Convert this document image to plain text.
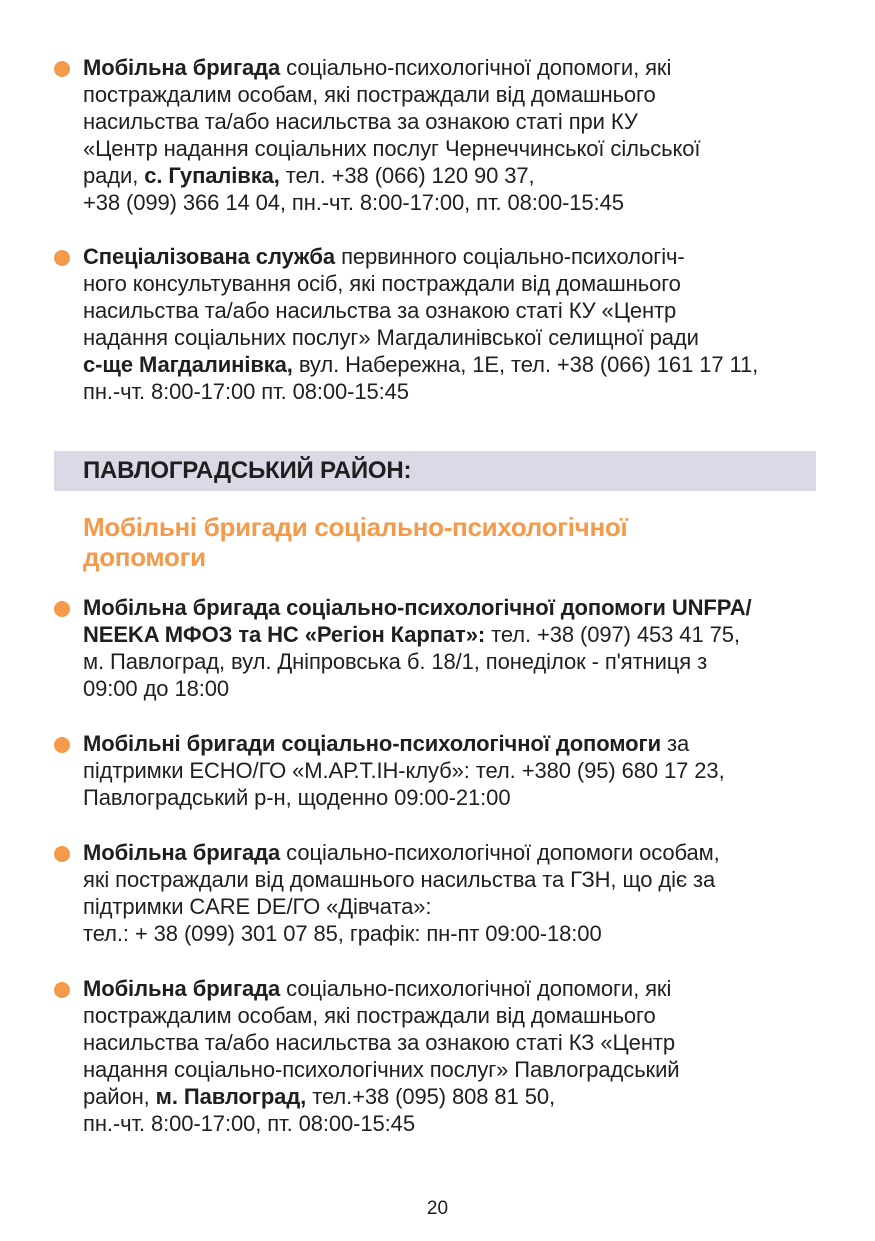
Мобільна бригада соціально-психологічної допомоги, які
постраждалим особам, які постраждали від домашнього
насильства та/або насильства за ознакою статі при КУ
«Центр надання соціальних послуг Чернеччинської сільської
ради, с. Гупалівка, тел. +38 (066) 120 90 37,
+38 (099) 366 14 04, пн.-чт. 8:00-17:00, пт. 08:00-15:45
Спеціалізована служба первинного соціально-психологіч-
ного консультування осіб, які постраждали від домашнього
насильства та/або насильства за ознакою статі КУ «Центр
надання соціальних послуг» Магдалинівської селищної ради
с-ще Магдалинівка, вул. Набережна, 1Е, тел. +38 (066) 161 17 11,
пн.-чт. 8:00-17:00 пт. 08:00-15:45
ПАВЛОГРАДСЬКИЙ РАЙОН:
Мобільні бригади соціально-психологічної
допомоги
Мобільна бригада соціально-психологічної допомоги UNFPA/
NEEKA МФОЗ та НС «Регіон Карпат»: тел. +38 (097) 453 41 75,
м. Павлоград, вул. Дніпровська б. 18/1, понеділок - п'ятниця з
09:00 до 18:00
Мобільні бригади соціально-психологічної допомоги за
підтримки ECHO/ГО «М.АР.Т.ІН-клуб»: тел. +380 (95) 680 17 23,
Павлоградський р-н, щоденно 09:00-21:00
Мобільна бригада соціально-психологічної допомоги особам,
які постраждали від домашнього насильства та ГЗН, що діє за
підтримки CARE DE/ГО «Дівчата»:
тел.: + 38 (099) 301 07 85, графік: пн-пт 09:00-18:00
Мобільна бригада соціально-психологічної допомоги, які
постраждалим особам, які постраждали від домашнього
насильства та/або насильства за ознакою статі КЗ «Центр
надання соціально-психологічних послуг» Павлоградський
район, м. Павлоград, тел.+38 (095) 808 81 50,
пн.-чт. 8:00-17:00, пт. 08:00-15:45
20
